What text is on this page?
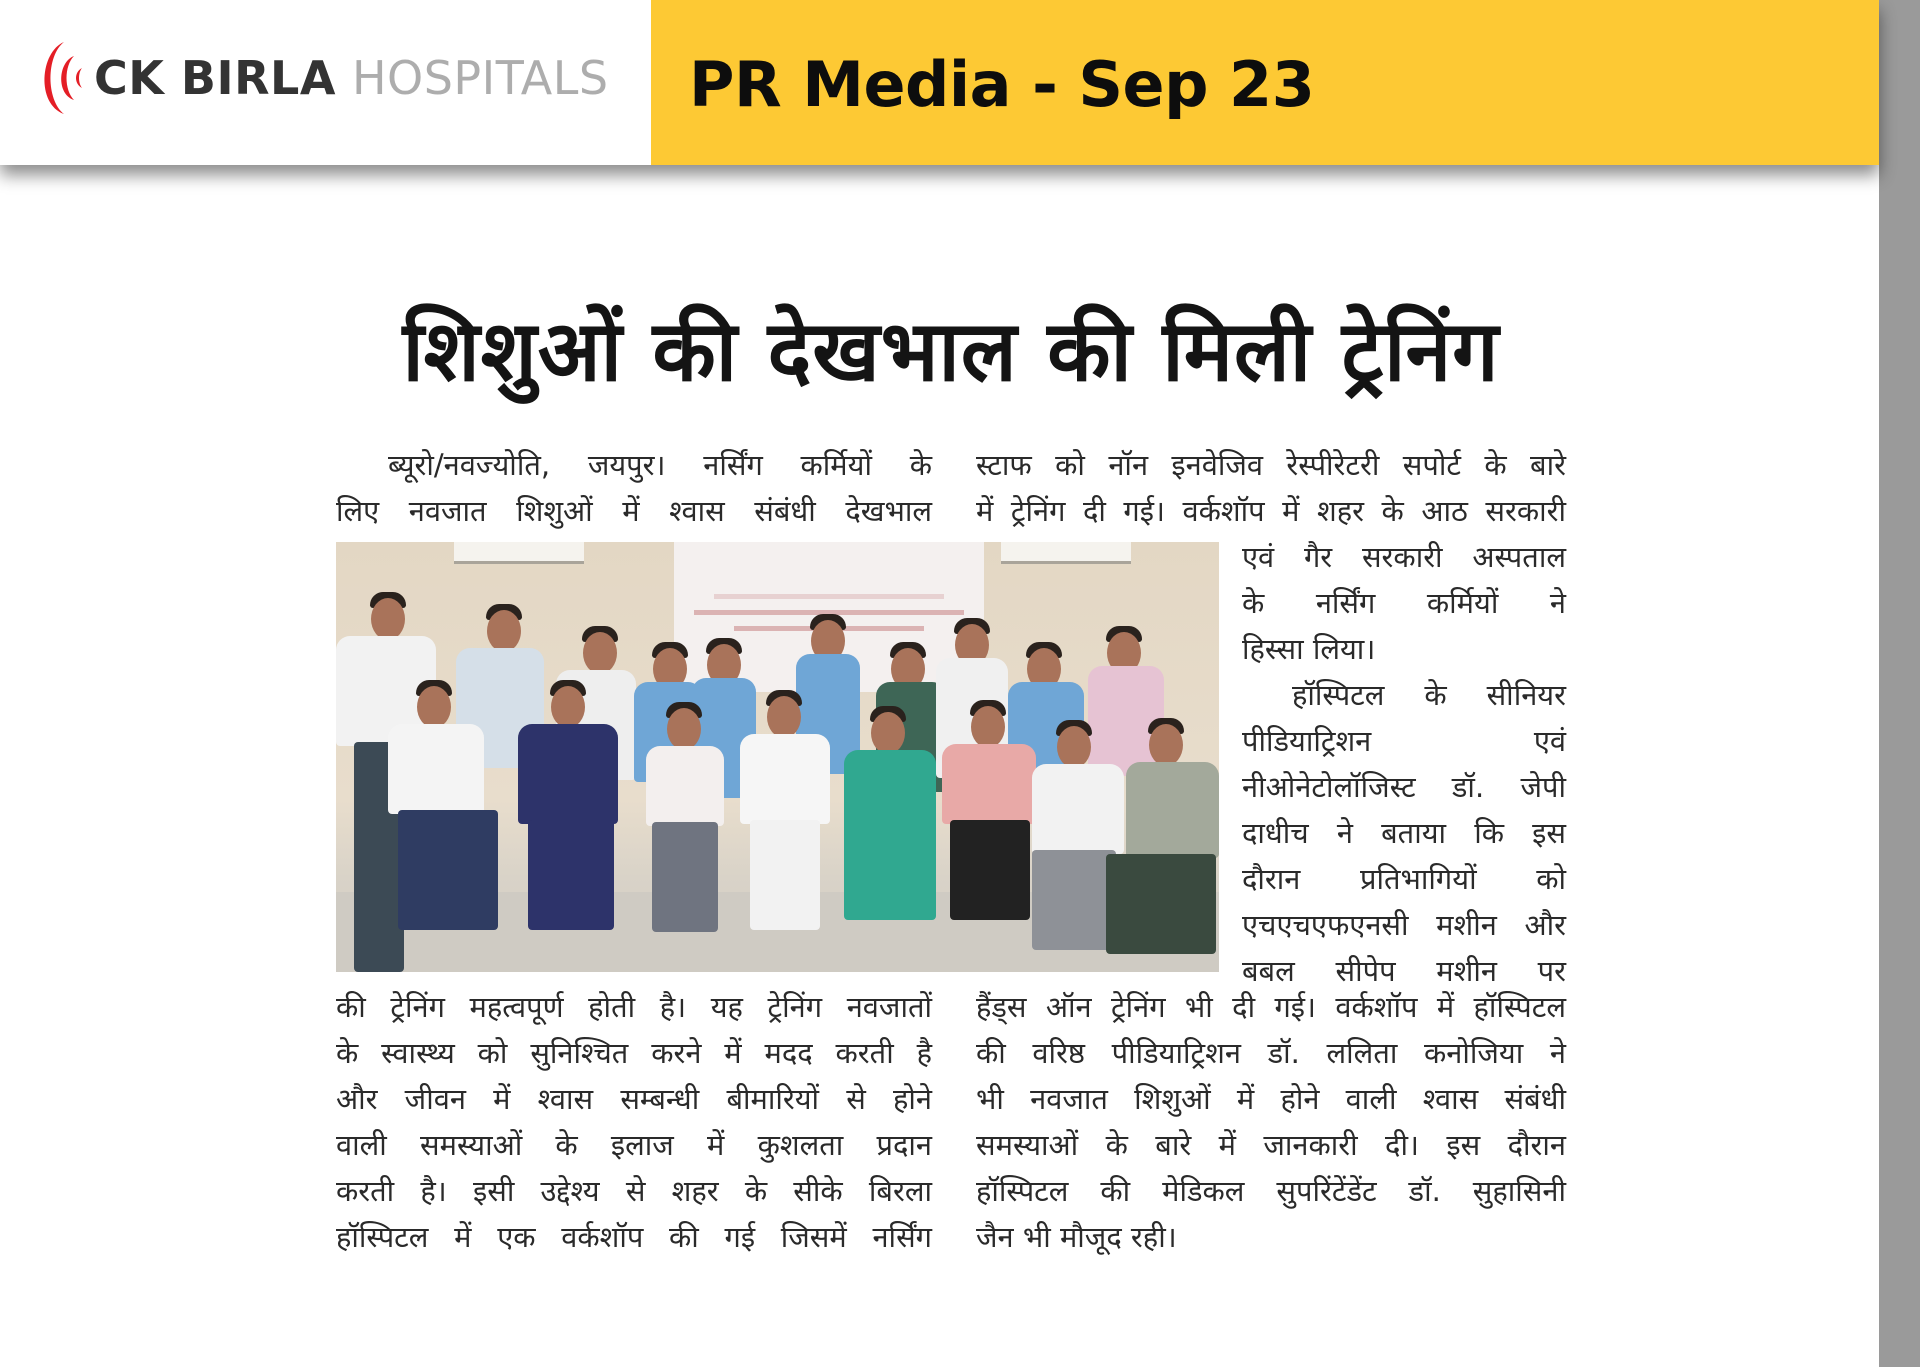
CK BIRLA HOSPITALS PR Media - Sep 23
शिशुओं की देखभाल की मिली ट्रेनिंग
ब्यूरो/नवज्योति, जयपुर। नर्सिंग कर्मियों के
लिए नवजात शिशुओं में श्वास संबंधी देखभाल
स्टाफ को नॉन इनवेजिव रेस्पीरेटरी सपोर्ट के बारे
में ट्रेनिंग दी गई। वर्कशॉप में शहर के आठ सरकारी
एवं गैर सरकारी अस्पताल
के नर्सिंग कर्मियों ने
हिस्सा लिया।
हॉस्पिटल के सीनियर
पीडियाट्रिशन एवं
नीओनेटोलॉजिस्ट डॉ. जेपी
दाधीच ने बताया कि इस
दौरान प्रतिभागियों को
एचएचएफएनसी मशीन और
बबल सीपेप मशीन पर
की ट्रेनिंग महत्वपूर्ण होती है। यह ट्रेनिंग नवजातों
के स्वास्थ्य को सुनिश्चित करने में मदद करती है
और जीवन में श्वास सम्बन्धी बीमारियों से होने
वाली समस्याओं के इलाज में कुशलता प्रदान
करती है। इसी उद्देश्य से शहर के सीके बिरला
हॉस्पिटल में एक वर्कशॉप की गई जिसमें नर्सिंग
हैंड्स ऑन ट्रेनिंग भी दी गई। वर्कशॉप में हॉस्पिटल
की वरिष्ठ पीडियाट्रिशन डॉ. ललिता कनोजिया ने
भी नवजात शिशुओं में होने वाली श्वास संबंधी
समस्याओं के बारे में जानकारी दी। इस दौरान
हॉस्पिटल की मेडिकल सुपरिंटेंडेंट डॉ. सुहासिनी
जैन भी मौजूद रही।
